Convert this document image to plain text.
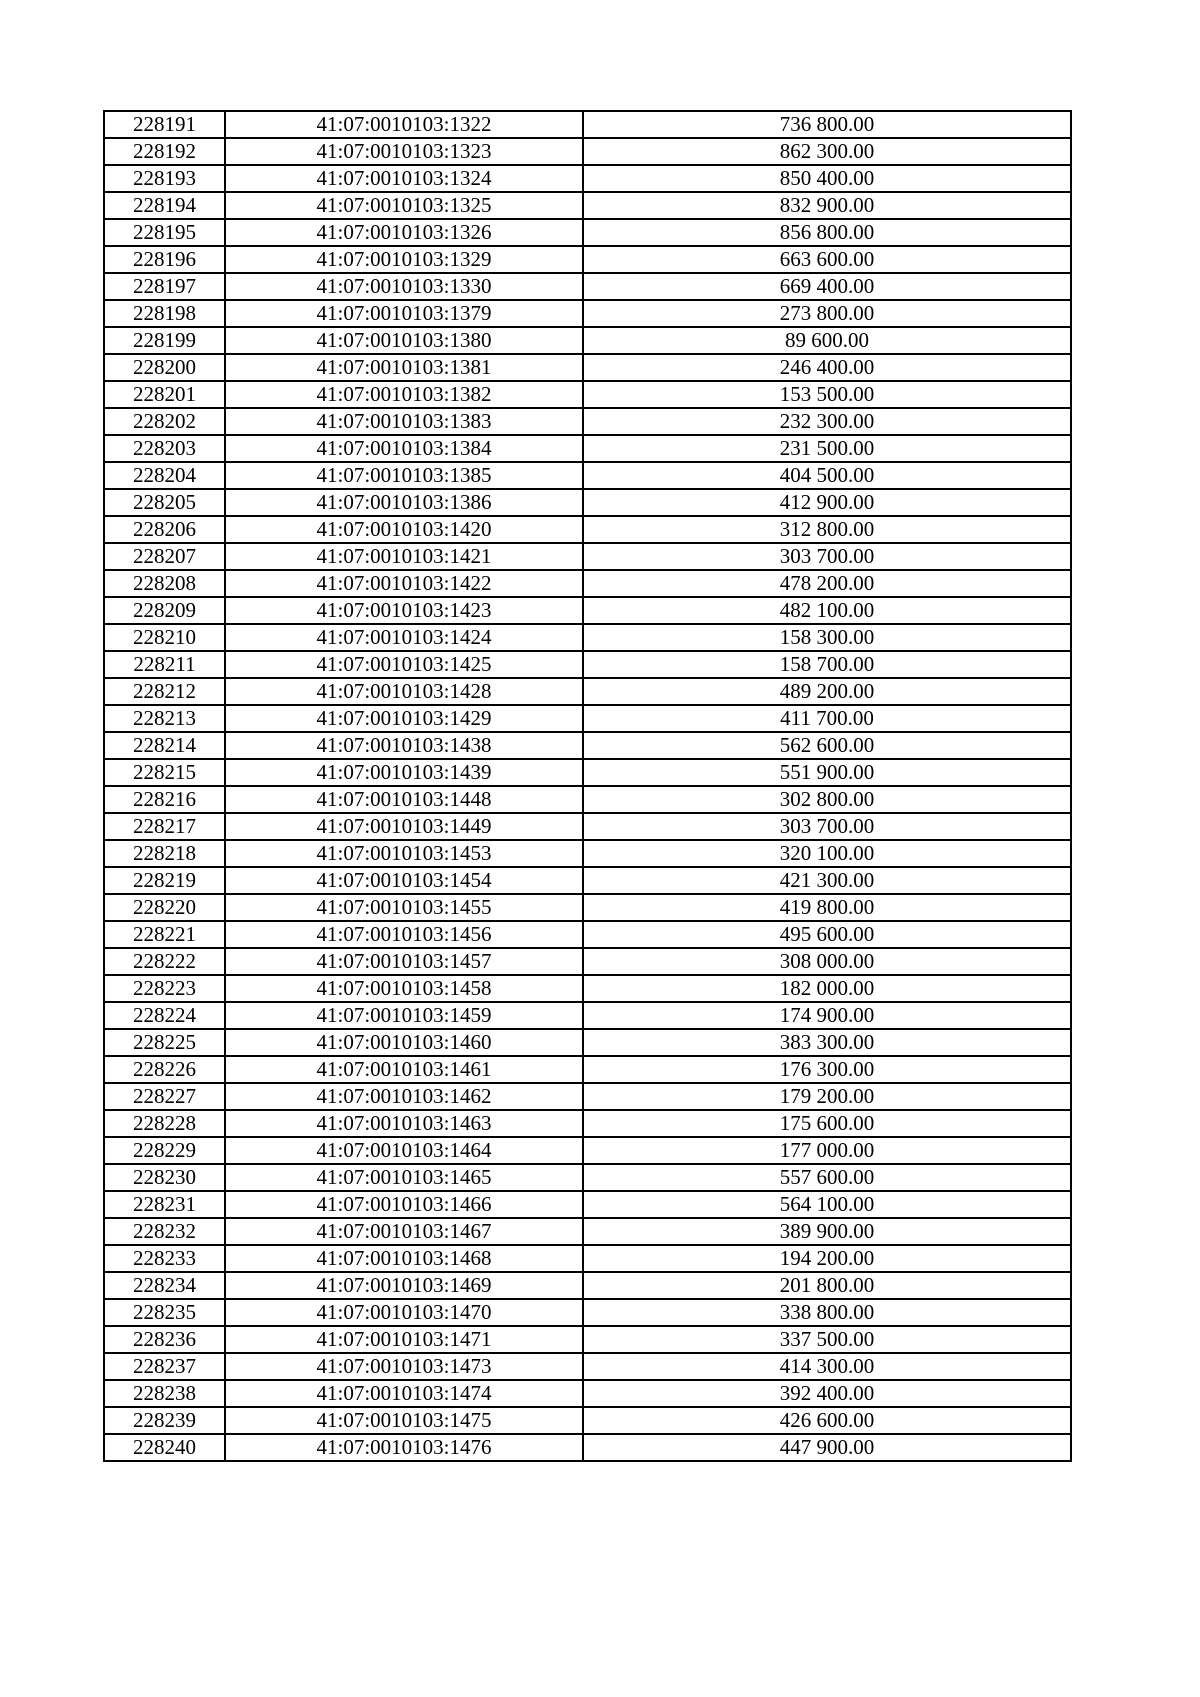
228191	41:07:0010103:1322	736 800.00
228192	41:07:0010103:1323	862 300.00
228193	41:07:0010103:1324	850 400.00
228194	41:07:0010103:1325	832 900.00
228195	41:07:0010103:1326	856 800.00
228196	41:07:0010103:1329	663 600.00
228197	41:07:0010103:1330	669 400.00
228198	41:07:0010103:1379	273 800.00
228199	41:07:0010103:1380	89 600.00
228200	41:07:0010103:1381	246 400.00
228201	41:07:0010103:1382	153 500.00
228202	41:07:0010103:1383	232 300.00
228203	41:07:0010103:1384	231 500.00
228204	41:07:0010103:1385	404 500.00
228205	41:07:0010103:1386	412 900.00
228206	41:07:0010103:1420	312 800.00
228207	41:07:0010103:1421	303 700.00
228208	41:07:0010103:1422	478 200.00
228209	41:07:0010103:1423	482 100.00
228210	41:07:0010103:1424	158 300.00
228211	41:07:0010103:1425	158 700.00
228212	41:07:0010103:1428	489 200.00
228213	41:07:0010103:1429	411 700.00
228214	41:07:0010103:1438	562 600.00
228215	41:07:0010103:1439	551 900.00
228216	41:07:0010103:1448	302 800.00
228217	41:07:0010103:1449	303 700.00
228218	41:07:0010103:1453	320 100.00
228219	41:07:0010103:1454	421 300.00
228220	41:07:0010103:1455	419 800.00
228221	41:07:0010103:1456	495 600.00
228222	41:07:0010103:1457	308 000.00
228223	41:07:0010103:1458	182 000.00
228224	41:07:0010103:1459	174 900.00
228225	41:07:0010103:1460	383 300.00
228226	41:07:0010103:1461	176 300.00
228227	41:07:0010103:1462	179 200.00
228228	41:07:0010103:1463	175 600.00
228229	41:07:0010103:1464	177 000.00
228230	41:07:0010103:1465	557 600.00
228231	41:07:0010103:1466	564 100.00
228232	41:07:0010103:1467	389 900.00
228233	41:07:0010103:1468	194 200.00
228234	41:07:0010103:1469	201 800.00
228235	41:07:0010103:1470	338 800.00
228236	41:07:0010103:1471	337 500.00
228237	41:07:0010103:1473	414 300.00
228238	41:07:0010103:1474	392 400.00
228239	41:07:0010103:1475	426 600.00
228240	41:07:0010103:1476	447 900.00
